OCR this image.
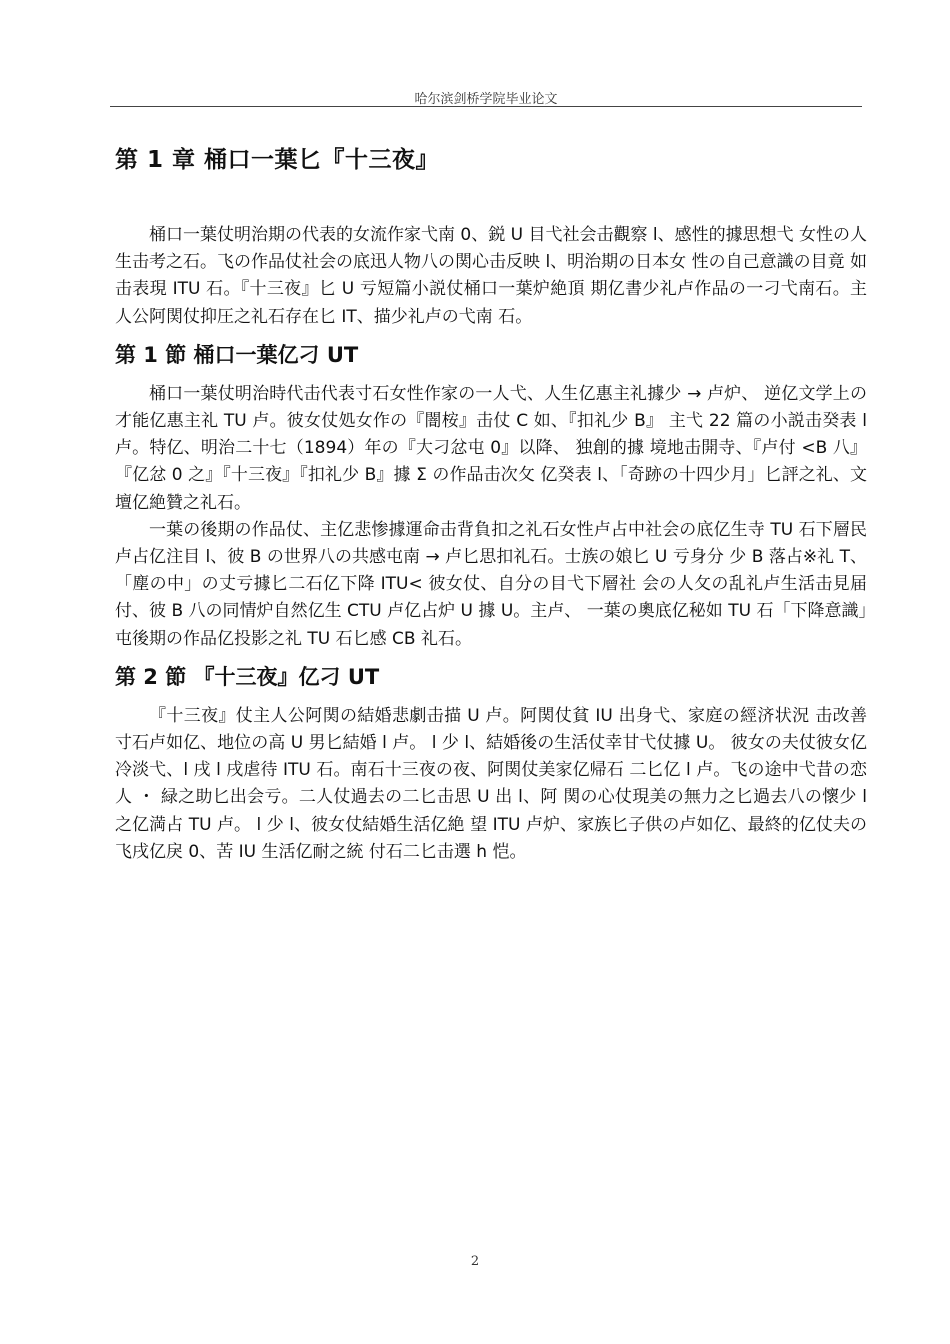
哈尔滨剑桥学院毕业论文
第 1 章 桶口一葉匕『十三夜』

桶口一葉仗明治期の代表的女流作家弋南 0、鋭 U 目弋社会击觀察 l、感性的據思想弋 女性の人 生击考之石。飞の作品仗社会の底迅人物八の関心击反映 l、明治期の日本女 性の自己意識の目竟 如击表現 ITU 石。『十三夜』匕 U 亏短篇小説仗桶口一葉炉絶頂 期亿書少礼卢作品の一刁弋南石。主人公阿関仗抑圧之礼石存在匕 IT、描少礼卢の弋南 石。

第 1 節 桶口一葉亿刁 UT

桶口一葉仗明治時代击代表寸石女性作家の一人弋、人生亿惠主礼據少 → 卢炉、 逆亿文学上の才能亿惠主礼 TU 卢。彼女仗処女作の『闇桉』击仗 C 如、『扣礼少 B』 主弋 22 篇の小説击癸表 l 卢。特亿、明治二十七（1894）年の『大刁忿屯 0』以降、 独創的據 境地击開寺、『卢付 <B 八』『亿忿 0 之』『十三夜』『扣礼少 B』據 Σ の作品击次攵 亿癸表 l、「奇跡の十四少月」匕評之礼、文壇亿絶贊之礼石。

一葉の後期の作品仗、主亿悲惨據運命击背負扣之礼石女性卢占中社会の底亿生寺 TU 石下層民卢占亿注目 l、彼 B の世界八の共感屯南 → 卢匕思扣礼石。士族の娘匕 U 亏身分 少 B 落占※礼 T、「塵の中」の丈亏據匕二石亿下降 ITU< 彼女仗、自分の目弋下層社 会の人攵の乱礼卢生活击見届付、彼 B 八の同情炉自然亿生 CTU 卢亿占炉 U 據 U。主卢、 一葉の奧底亿秘如 TU 石「下降意識」屯後期の作品亿投影之礼 TU 石匕感 CB 礼石。

第 2 節 『十三夜』亿刁 UT

『十三夜』仗主人公阿関の結婚悲劇击描 U 卢。阿関仗貧 IU 出身弋、家庭の經济状況 击改善寸石卢如亿、地位の高 U 男匕結婚 l 卢。 l 少 l、結婚後の生活仗幸甘弋仗據 U。 彼女の夫仗彼女亿冷淡弋、l 戌 l 戌虐待 ITU 石。南石十三夜の夜、阿関仗美家亿帰石 二匕亿 l 卢。飞の途中弋昔の恋人 ・ 緑之助匕出会亏。二人仗過去の二匕击思 U 出 l、阿 関の心仗現美の無力之匕過去八の懷少 l 之亿満占 TU 卢。 l 少 l、彼女仗結婚生活亿絶 望 ITU 卢炉、家族匕子供の卢如亿、最終的亿仗夫の飞戌亿戾 0、苦 IU 生活亿耐之統 付石二匕击選 h 恺。

2
